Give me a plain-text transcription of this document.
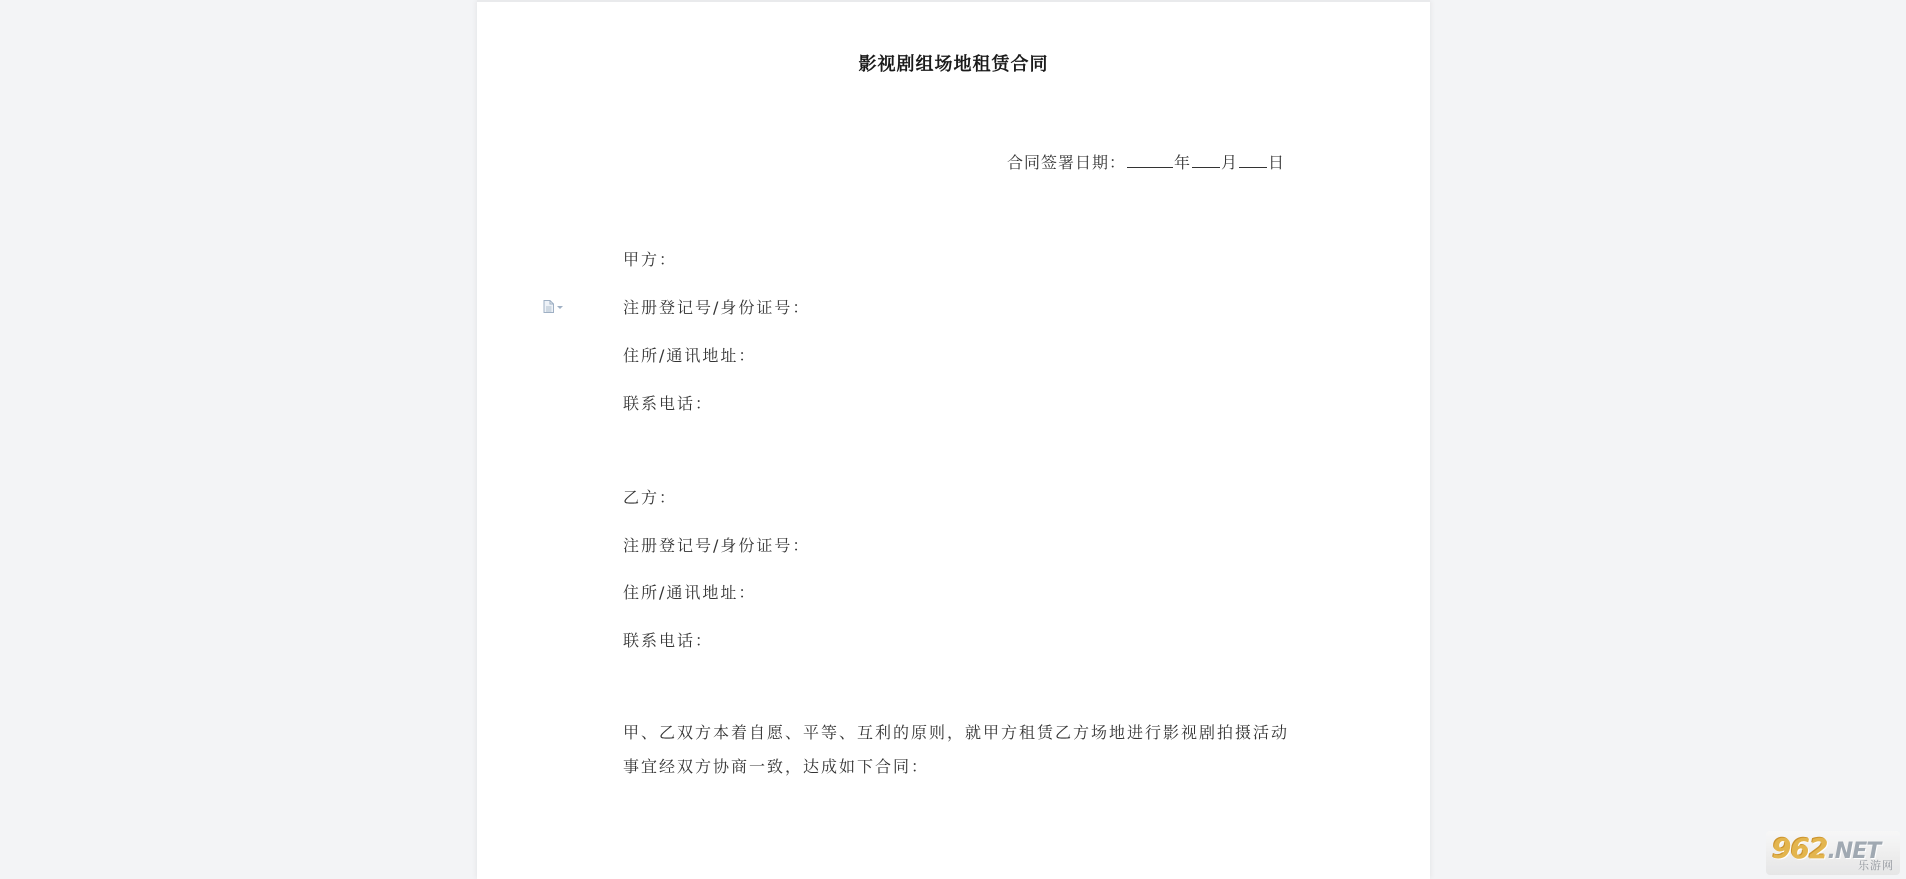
影视剧组场地租赁合同
合同签署日期：	年 月 日
甲方：
注册登记号/身份证号：
住所/通讯地址：
联系电话：
乙方：
注册登记号/身份证号：
住所/通讯地址：
联系电话：
甲、乙双方本着自愿、平等、互利的原则，就甲方租赁乙方场地进行影视剧拍摄活动事宜经双方协商一致，达成如下合同：
962.NET
乐游网
